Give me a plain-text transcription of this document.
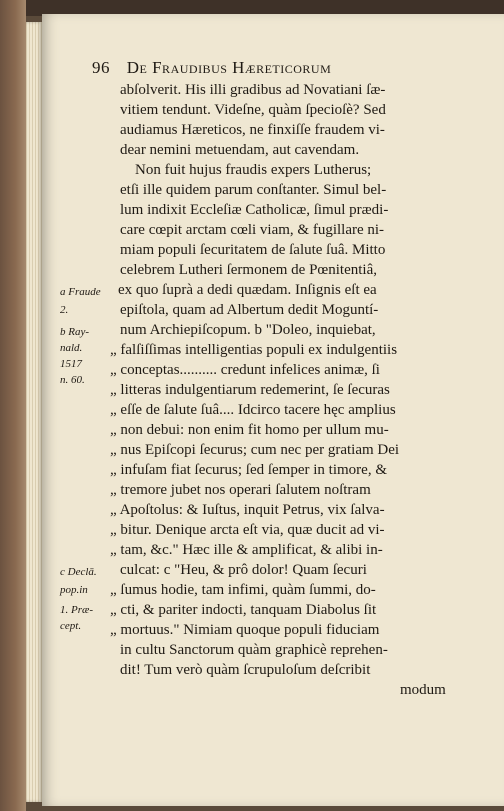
96 De Fraudibus Hæreticorum
abſolverit. His illi gradibus ad Novatiani ſæ-
vitiem tendunt. Videſne, quàm ſpecioſè? Sed
audiamus Hæreticos, ne finxiſſe fraudem vi-
dear nemini metuendam, aut cavendam.
Non fuit hujus fraudis expers Lutherus;
etſi ille quidem parum conſtanter. Simul bel-
lum indixit Eccleſiæ Catholicæ, ſimul prædi-
care cœpit arctam cœli viam, & fugillare ni-
miam populi ſecuritatem de ſalute ſuâ. Mitto
celebrem Lutheri ſermonem de Pœnitentiâ,
ex quo ſuprà a dedi quædam. Inſignis eſt ea
epiſtola, quam ad Albertum dedit Moguntí-
num Archiepiſcopum. b "Doleo, inquiebat,
„ falſiſſimas intelligentias populi ex indulgentiis
„ conceptas.......... credunt infelices animæ, ſi
„ litteras indulgentiarum redemerint, ſe ſecuras
„ eſſe de ſalute ſuâ.... Idcirco tacere hęc amplius
„ non debui: non enim fit homo per ullum mu-
„ nus Epiſcopi ſecurus; cum nec per gratiam Dei
„ infuſam fiat ſecurus; ſed ſemper in timore, &
„ tremore jubet nos operari ſalutem noſtram
„ Apoſtolus: & Iuſtus, inquit Petrus, vix ſalva-
„ bitur. Denique arcta eſt via, quæ ducit ad vi-
„ tam, &c." Hæc ille & amplificat, & alibi in-
culcat: c "Heu, & prô dolor! Quam ſecuri
„ ſumus hodie, tam infimi, quàm ſummi, do-
„ cti, & pariter indocti, tanquam Diabolus ſit
„ mortuus." Nimiam quoque populi fiduciam
in cultu Sanctorum quàm graphicè reprehen-
dit! Tum verò quàm ſcrupuloſum deſcribit
modum
a Fraude
2.
b Ray-
nald.
1517
n. 60.
c Declā.
pop.in
1. Præ-
cept.
